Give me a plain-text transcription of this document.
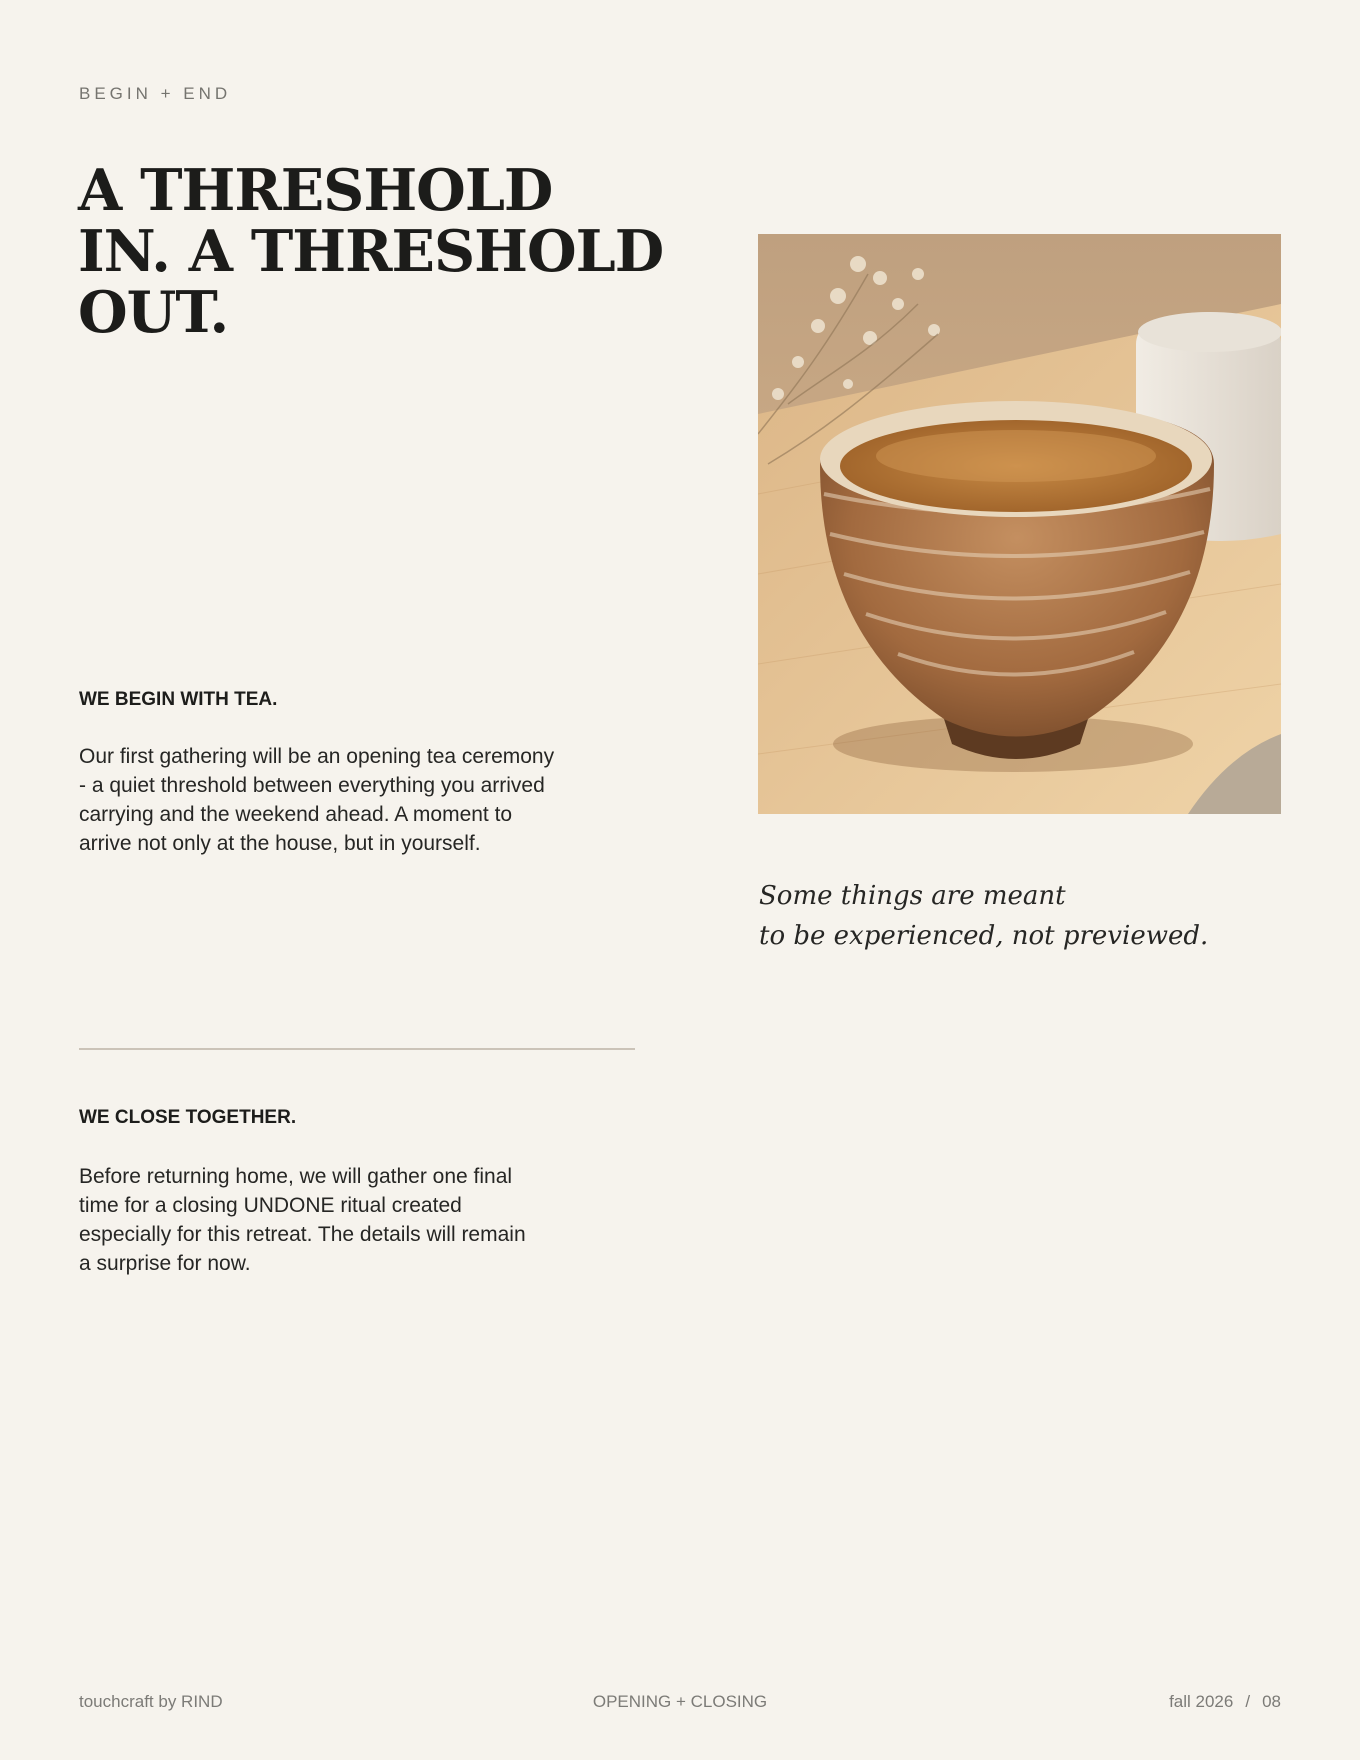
BEGIN + END
A THRESHOLD
IN. A THRESHOLD
OUT.
WE BEGIN WITH TEA.

Our first gathering will be an opening tea ceremony - a quiet threshold between everything you arrived carrying and the weekend ahead. A moment to arrive not only at the house, but in yourself.

WE CLOSE TOGETHER.

Before returning home, we will gather one final time for a closing UNDONE ritual created especially for this retreat. The details will remain a surprise for now.

Some things are meant
to be experienced, not previewed.

touchcraft by RIND	OPENING + CLOSING	fall 2026 / 08
